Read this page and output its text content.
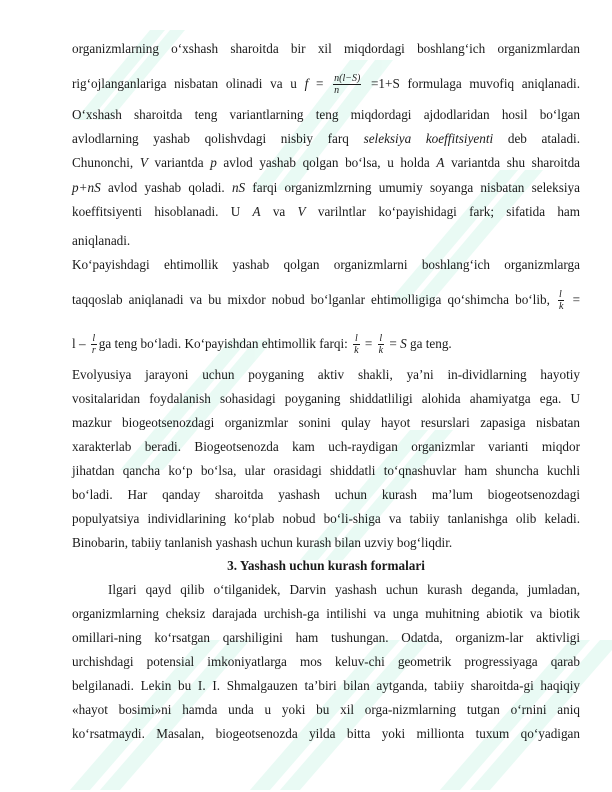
organizmlarning o‘xshash sharoitda bir xil miqdordagi boshlang‘ich organizmlardan
rig‘ojlanganlariga nisbatan olinadi va u $f = \frac{n(l-S)}{n} =1+S$ formulaga muvofiq aniqlanadi.
O‘xshash sharoitda teng variantlarning teng miqdordagi ajdodlaridan hosil bo‘lgan
avlodlarning yashab qolishvdagi nisbiy farq seleksiya koeffitsiyenti deb ataladi.
Chunonchi, V variantda p avlod yashab qolgan bo‘lsa, u holda A variantda shu sharoitda
p+nS avlod yashab qoladi. nS farqi organizmlzrning umumiy soyanga nisbatan seleksiya
koeffitsiyenti hisoblanadi. U A va V varilntlar ko‘payishidagi fark; sifatida ham
aniqlanadi.
Ko‘payishdagi ehtimollik yashab qolgan organizmlarni boshlang‘ich organizmlarga
taqqoslab aniqlanadi va bu mixdor nobud bo‘lganlar ehtimolligiga qo‘shimcha bo‘lib, $\frac{l}{k}$ =
l – $\frac{l}{r}$ ga teng bo‘ladi. Ko‘payishdan ehtimollik farqi: $\frac{l}{k} = \frac{l}{k} = S$ ga teng.
Evolyusiya jarayoni uchun poyganing aktiv shakli, ya’ni in-dividlarning hayotiy
vositalaridan foydalanish sohasidagi poyganing shiddatliligi alohida ahamiyatga ega. U
mazkur biogeotsenozdagi organizmlar sonini qulay hayot resurslari zapasiga nisbatan
xarakterlab beradi. Biogeotsenozda kam uch-raydigan organizmlar varianti miqdor
jihatdan qancha ko‘p bo‘lsa, ular orasidagi shiddatli to‘qnashuvlar ham shuncha kuchli
bo‘ladi. Har qanday sharoitda yashash uchun kurash ma’lum biogeotsenozdagi
populyatsiya individlarining ko‘plab nobud bo‘li-shiga va tabiiy tanlanishga olib keladi.
Binobarin, tabiiy tanlanish yashash uchun kurash bilan uzviy bog‘liqdir.
3. Yashash uchun kurash formalari
Ilgari qayd qilib o‘tilganidek, Darvin yashash uchun kurash deganda, jumladan,
organizmlarning cheksiz darajada urchish-ga intilishi va unga muhitning abiotik va biotik
omillari-ning ko‘rsatgan qarshiligini ham tushungan. Odatda, organizm-lar aktivligi
urchishdagi potensial imkoniyatlarga mos keluv-chi geometrik progressiyaga qarab
belgilanadi. Lekin bu I. I. Shmalgauzen ta’biri bilan aytganda, tabiiy sharoitda-gi haqiqiy
«hayot bosimi»ni hamda unda u yoki bu xil orga-nizmlarning tutgan o‘rnini aniq
ko‘rsatmaydi. Masalan, biogeotsenozda yilda bitta yoki millionta tuxum qo‘yadigan
